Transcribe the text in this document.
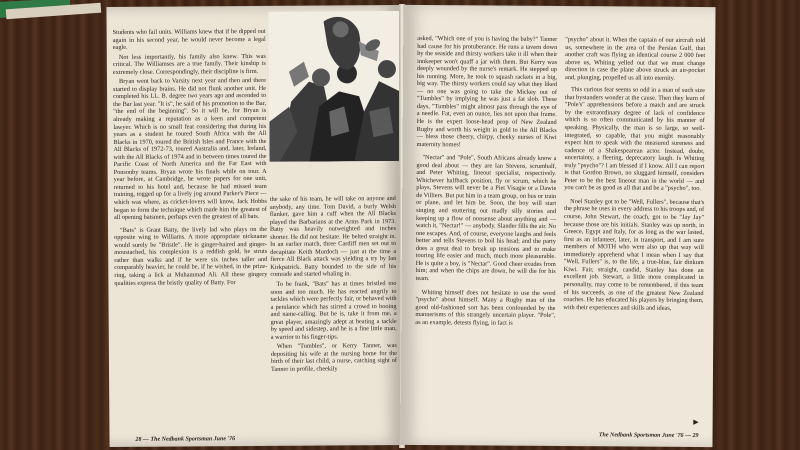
Students who fail units. Williams knew that if he dipped out again in his second year, he would never become a legal eagle.

Not less importantly, his family also knew. This was critical. The Williamses are a true family. Their kinship is extremely close. Correspondingly, their discipline is firm.

Bryan went back to Varsity next year and then and there started to display brains. He did not flunk another unit. He completed his LL. B. degree two years ago and ascended to the Bar last year. "It is", he said of his promotion to the Bar, "the end of the beginning". So it will be, for Bryan is already making a reputation as a keen and competent lawyer. Which is no small feat considering that during his years as a student he toured South Africa with the All Blacks in 1970, toured the British Isles and France with the All Blacks of 1972-73, toured Australia and, later, Ireland, with the All Blacks of 1974 and in between times toured the Pacific Coast of North America and the Far East with Ponsonby teams. Bryan wrote his finals while on tour. A year before, at Cambridge, he wrote papers for one unit, returned to his hotel and, because he had missed team training, togged up for a lively jog around Parker's Piece — which was where, as cricket-lovers will know, Jack Hobbs began to form the technique which made him the greatest of all opening batsmen, perhaps even the greatest of all bats.

"Bats" is Grant Batty, the lively lad who plays on the opposite wing to Williams. A more appropriate nickname would surely be "Bristle". He is ginger-haired and ginger-moustached, his complexion is a reddish gold, he struts rather than walks and if he were six inches taller and comparably heavier, he could be, if he wished, in the prize-ring, taking a lick at Muhammad Ali. All these gingery qualities express the bristly quality of Batty. For

the sake of his team, he will take on anyone and anybody, any time. Tom David, a burly Welsh flanker, gave him a cuff when the All Blacks played the Barbarians at the Arms Park in 1973. Batty was heavily outweighted and inches shorter. He did not hesitate. He belted straight in. In an earlier match, three Cardiff men set out to decapitate Keith Murdoch — just at the time a fierce All Black attack was yielding a try by Ian Kirkpatrick. Batty bounded to the side of his comrade and started whaling in.

To be frank, "Bats" has at times bristled too soon and too much. He has reacted angrily to tackles which were perfectly fair, or behaved with a petulance which has stirred a crowd to booing and name-calling. But he is, take it from me, a great player, amazingly adept at beating a tackle by speed and sidestep, and he is a fine little man, a warrior to his finger-tips.

When "Tumbles", or Kerry Tanner, was depositing his wife at the nursing home for the birth of their last child, a nurse, catching sight of Tanner in profile, cheekily

28 — The Nedbank Sportsman June '76

asked, "Which one of you is having the baby?" Tanner had cause for his protuberance. He runs a tavern down by the seaside and thirsty workers take it ill when their innkeeper won't quaff a jar with them. But Kerry was deeply wounded by the nurse's remark. He stepped up his running. More, he took to squash rackets in a big, big way. The thirsty workers could say what they liked — no one was going to take the Mickey out of "Tumbles" by implying he was just a fat slob. These days, "Tumbles" might almost pass through the eye of a needle. Fat, even an ounce, lies not upon that frame. He is the expert loose-head prop of New Zealand Rugby and worth his weight in gold to the All Blacks — bless those cheery, chirpy, cheeky nurses of Kiwi maternity homes!

"Nectar" and "Pole", South Africans already know a good deal about — they are Ian Stevens, scrumhalf, and Peter Whiting, lineout specialist, respectively. Whichever halfback position, fly or scrum, which he plays, Stevens will never be a Piet Visagie or a Dawie de Villiers. But put him in a team group, on bus or train or plane, and let him be. Soon, the boy will start singing and stuttering out madly silly stories and keeping up a flow of nonsense about anything and — watch it, "Nectar!" — anybody. Slander fills the air. No one escapes. And, of course, everyone laughs and feels better and tells Stevens to boil his head; and the party does a great deal to break up tensions and to make touring life easier and much, much more pleasurable. He is quite a boy, is "Nectar". Good cheer exudes from him; and when the chips are down, he will die for his team.

Whiting himself does not hesitate to use the word "psycho" about himself. Many a Rugby man of the good old-fashioned sort has been confounded by the mannerisms of this strangely uncertain player. "Pole", as an example, detests flying, in fact is

"psycho" about it. When the captain of our aircraft told us, somewhere in the area of the Persian Gulf, that another craft was flying an identical course 2 000 feet above us, Whiting yelled out that we must change direction in case the plane above struck an air-pocket and, plunging, propelled us all into eternity.

This curious fear seems so odd in a man of such size that bystanders wonder at the cause. Then they learn of "Pole's" apprehensions before a match and are struck by the extraordinary degree of lack of confidence which is so often communicated by his manner of speaking. Physically, the man is so large, so well-integrated, so capable, that you might reasonably expect him to speak with the measured sureness and cadence of a Shakespearean actor. Instead, doubt, uncertainty, a fleeting, deprecatory laugh. Is Whiting truly "psycho"? I am blessed if I know. All I can report is that Gordon Brown, no sluggard himself, considers Peter to be the best lineout man in the world — and you can't be as good as all that and be a "psycho", too.

Noel Stanley got to be "Well, Fullers", because that's the phrase he uses in every address to his troops and, of course, John Stewart, the coach, got to be "Jay Jay" because those are his initials. Stanley was up north, in Greece, Egypt and Italy, for as long as the war lasted, first as an infanteer, later, in transport, and I am sure members of MOTH who were also up that way will immediately apprehend what I mean when I say that "Well, Fullers" is, to the life, a true-blue, fair dinkum Kiwi. Fair, straight, candid, Stanley has done an excellent job. Stewart, a little more complicated in personality, may come to be remembered, if this team of his succeeds, as one of the greatest New Zealand coaches. He has educated his players by bringing them, with their experiences and skills and ideas,

▶
The Nedbank Sportsman June '76 — 29
